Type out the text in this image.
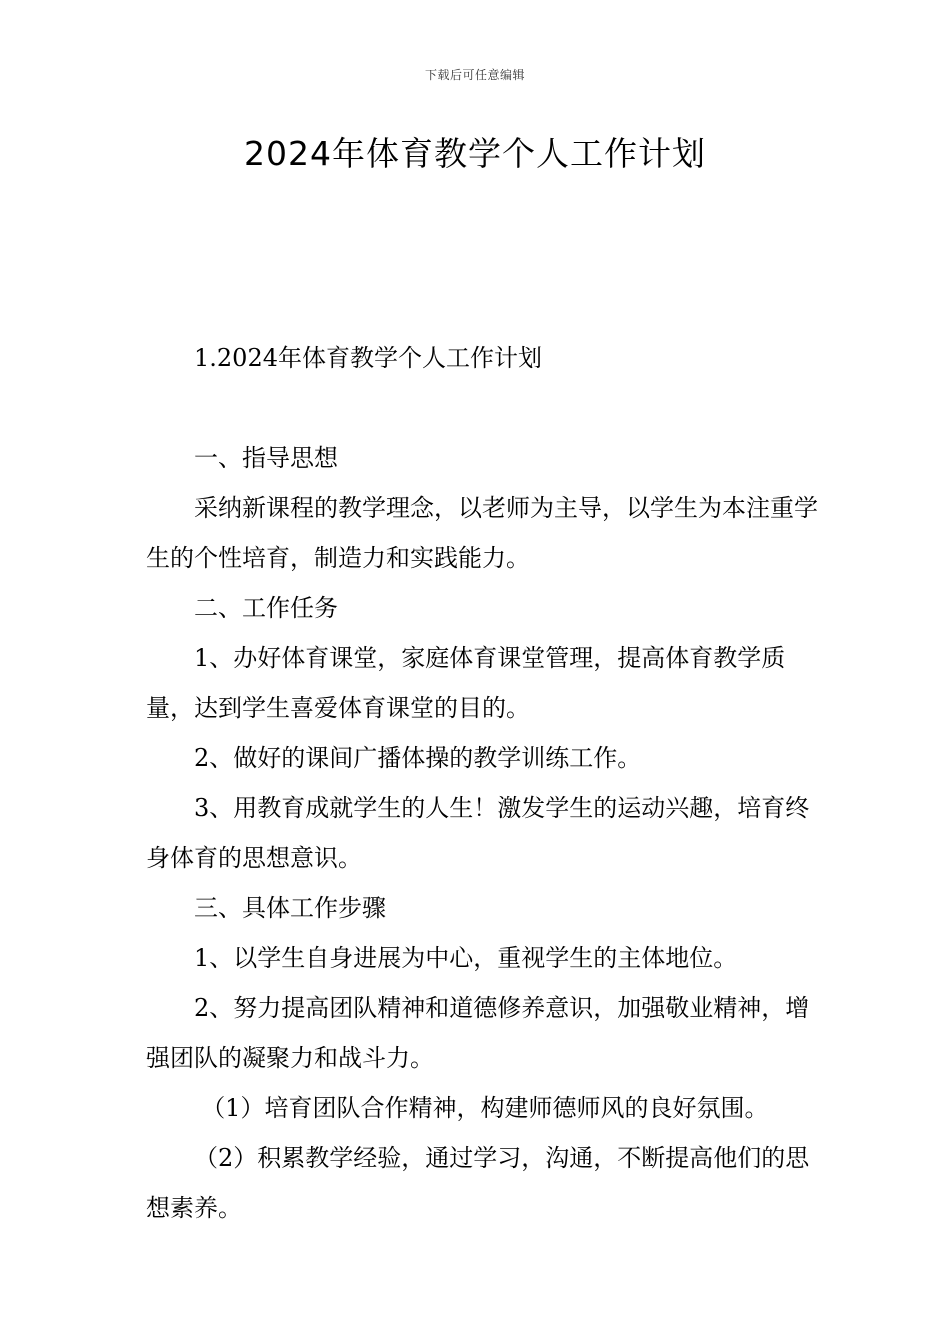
下载后可任意编辑
2024年体育教学个人工作计划

1.2024年体育教学个人工作计划

一、指导思想

采纳新课程的教学理念，以老师为主导，以学生为本注重学生的个性培育，制造力和实践能力。

二、工作任务

1、办好体育课堂，家庭体育课堂管理，提高体育教学质量，达到学生喜爱体育课堂的目的。

2、做好的课间广播体操的教学训练工作。

3、用教育成就学生的人生！激发学生的运动兴趣，培育终身体育的思想意识。

三、具体工作步骤

1、以学生自身进展为中心，重视学生的主体地位。

2、努力提高团队精神和道德修养意识，加强敬业精神，增强团队的凝聚力和战斗力。

（1）培育团队合作精神，构建师德师风的良好氛围。

（2）积累教学经验，通过学习，沟通，不断提高他们的思想素养。
